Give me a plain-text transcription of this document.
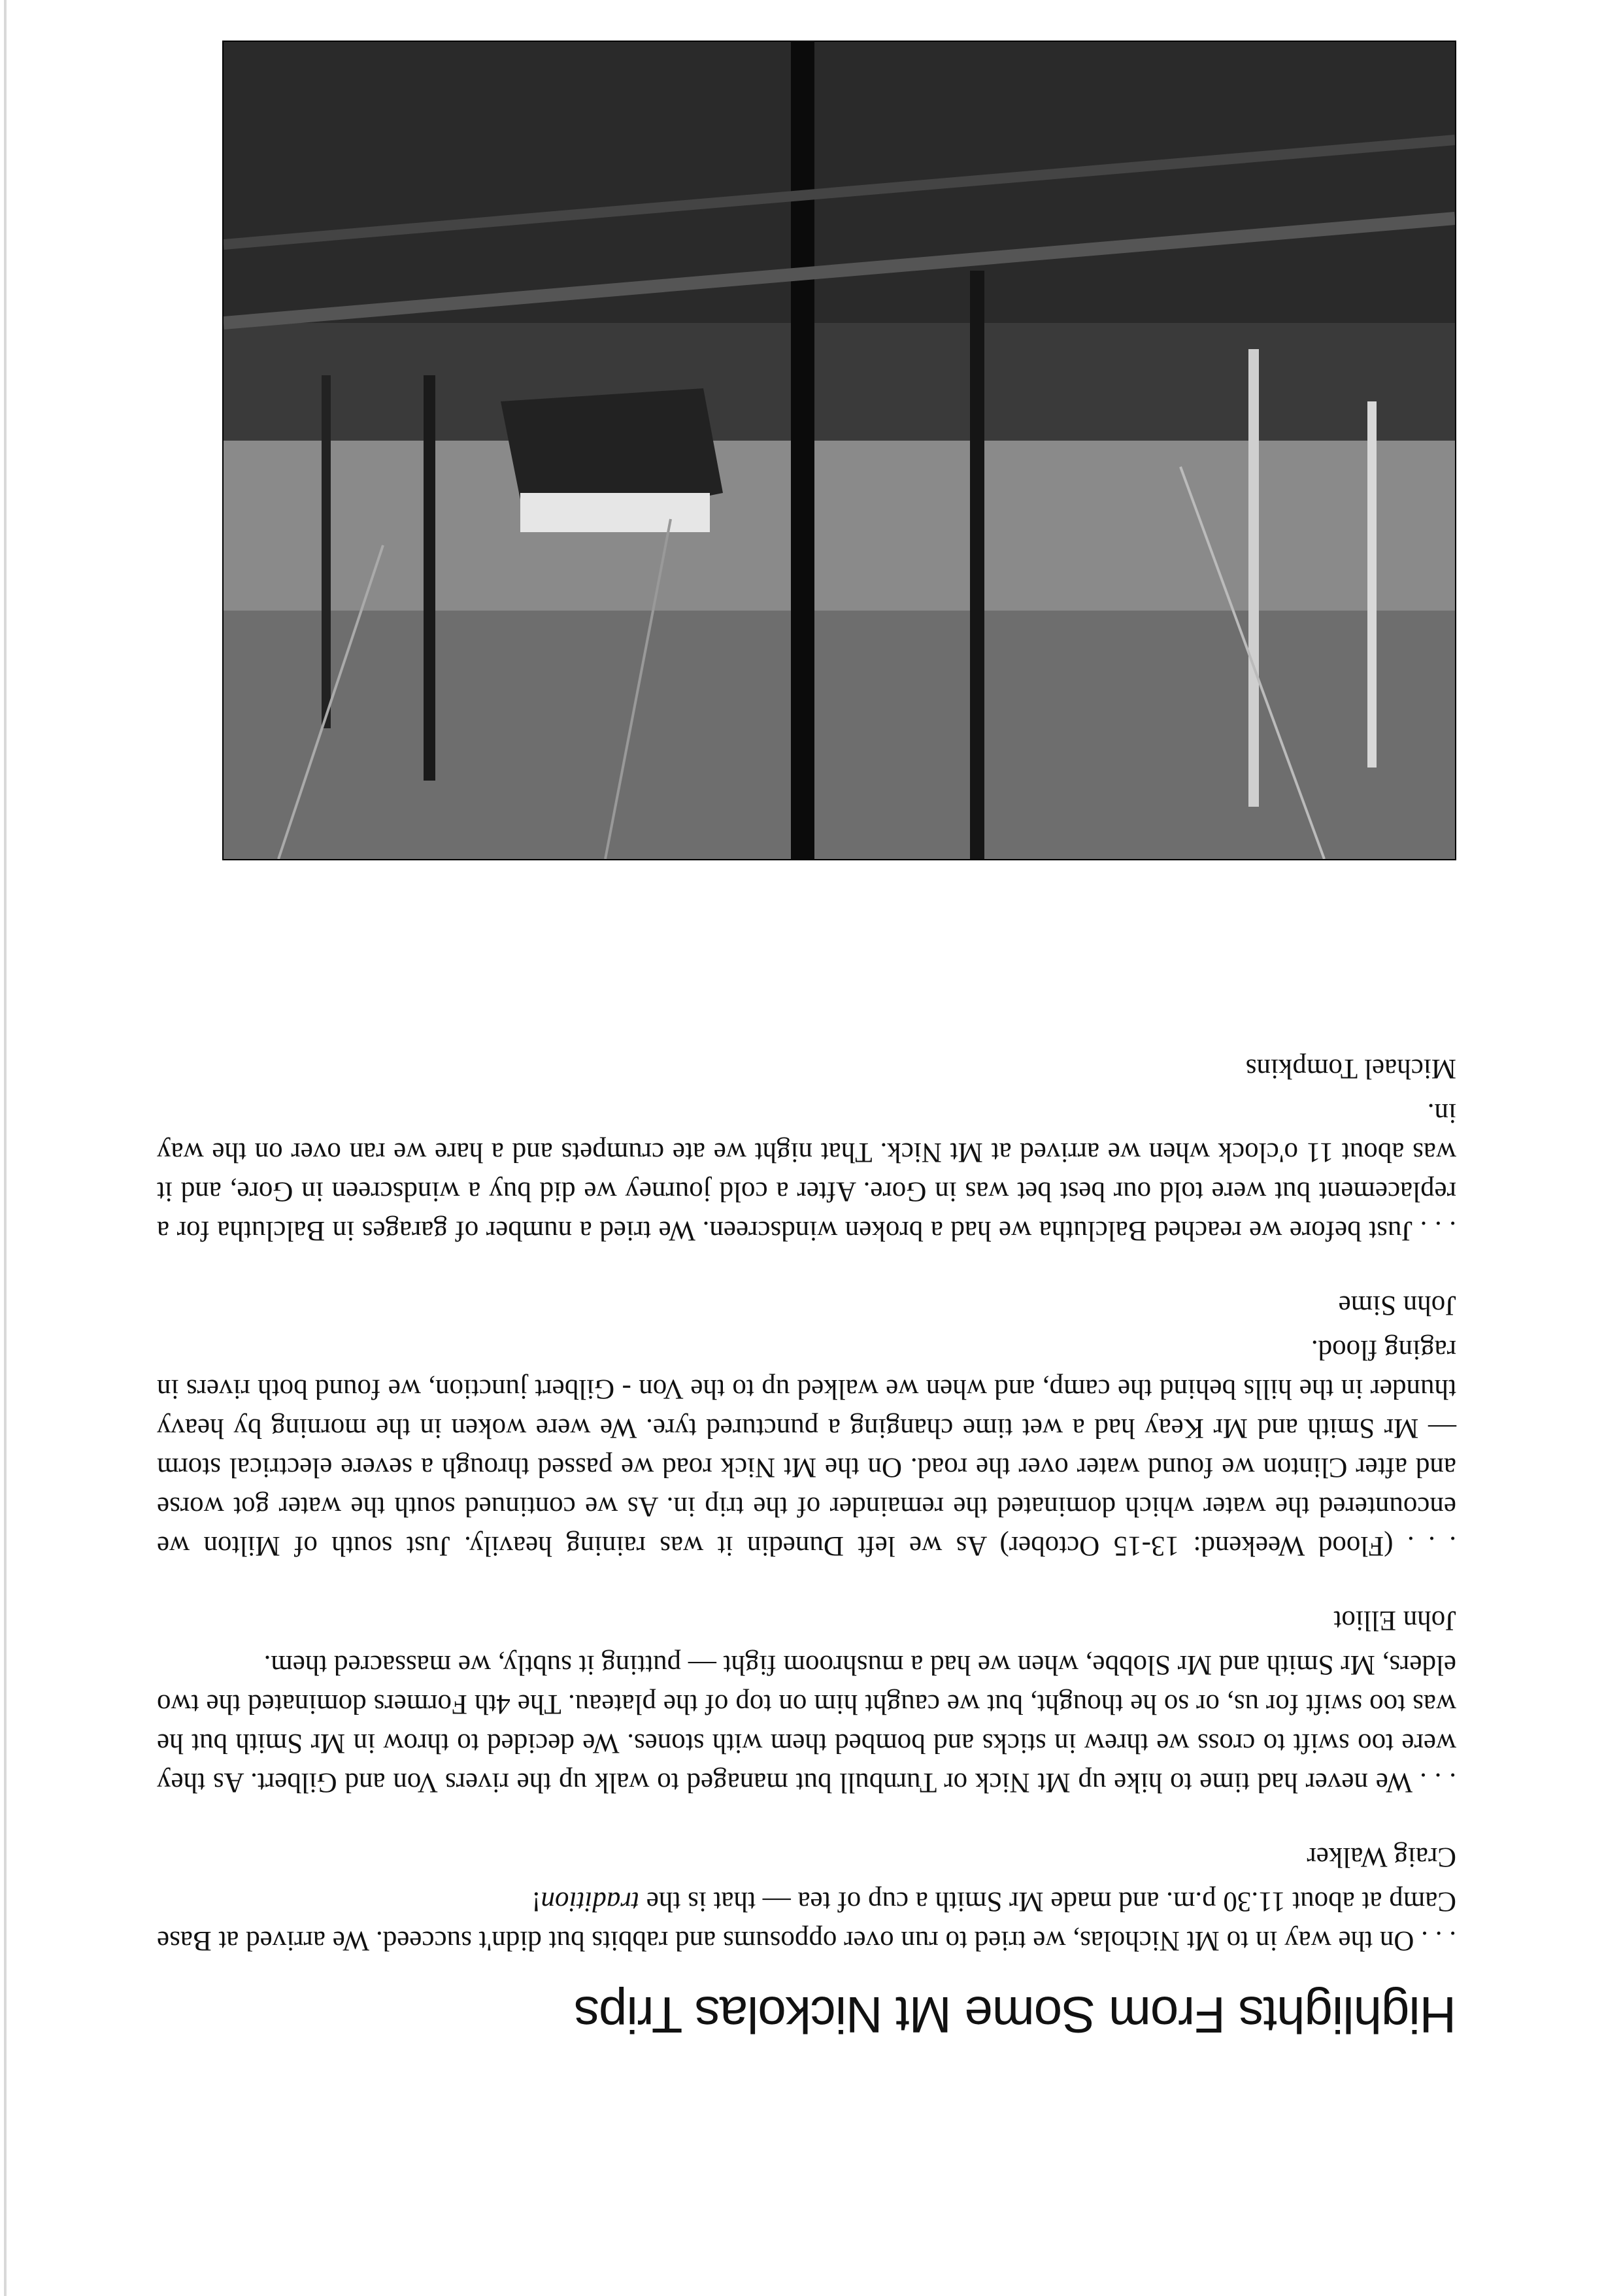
Highlights From Some Mt Nickolas Trips

. . . On the way in to Mt Nicholas, we tried to run over opposums and rabbits but didn't succeed. We arrived at Base Camp at about 11.30 p.m. and made Mr Smith a cup of tea — that is the tradition!

Craig Walker

. . . We never had time to hike up Mt Nick or Turnbull but managed to walk up the rivers Von and Gilbert. As they were too swift to cross we threw in sticks and bombed them with stones. We decided to throw in Mr Smith but he was too swift for us, or so he thought, but we caught him on top of the plateau. The 4th Formers dominated the two elders, Mr Smith and Mr Slobbe, when we had a mushroom fight — putting it subtly, we massacred them.

John Elliot

. . . (Flood Weekend: 13-15 October) As we left Dunedin it was raining heavily. Just south of Milton we encountered the water which dominated the remainder of the trip in. As we continued south the water got worse and after Clinton we found water over the road. On the Mt Nick road we passed through a severe electrical storm — Mr Smith and Mr Keay had a wet time changing a punctured tyre. We were woken in the morning by heavy thunder in the hills behind the camp, and when we walked up to the Von - Gilbert junction, we found both rivers in raging flood.

John Sime

. . . Just before we reached Balclutha we had a broken windscreen. We tried a number of garages in Balclutha for a replacement but were told our best bet was in Gore. After a cold journey we did buy a windscreen in Gore, and it was about 11 o'clock when we arrived at Mt Nick. That night we ate crumpets and a hare we ran over on the way in.

Michael Tompkins
